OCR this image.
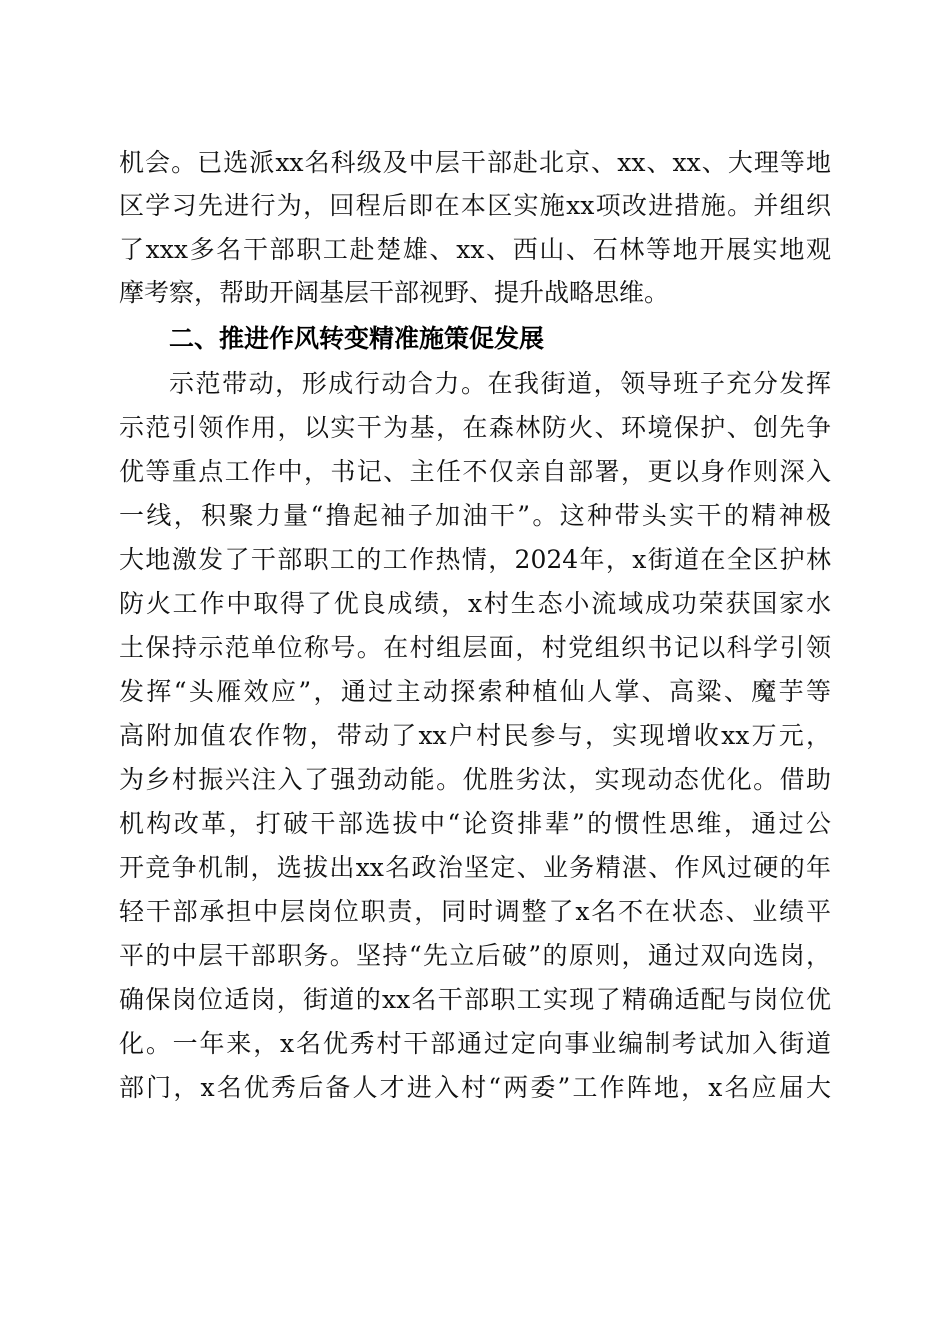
机会。已选派xx名科级及中层干部赴北京、xx、xx、大理等地
区学习先进行为，回程后即在本区实施xx项改进措施。并组织
了xxx多名干部职工赴楚雄、xx、西山、石林等地开展实地观
摩考察，帮助开阔基层干部视野、提升战略思维。
二、推进作风转变精准施策促发展
示范带动，形成行动合力。在我街道，领导班子充分发挥
示范引领作用，以实干为基，在森林防火、环境保护、创先争
优等重点工作中，书记、主任不仅亲自部署，更以身作则深入
一线，积聚力量“撸起袖子加油干”。这种带头实干的精神极
大地激发了干部职工的工作热情，2024年，x街道在全区护林
防火工作中取得了优良成绩，x村生态小流域成功荣获国家水
土保持示范单位称号。在村组层面，村党组织书记以科学引领
发挥“头雁效应”，通过主动探索种植仙人掌、高粱、魔芋等
高附加值农作物，带动了xx户村民参与，实现增收xx万元，
为乡村振兴注入了强劲动能。优胜劣汰，实现动态优化。借助
机构改革，打破干部选拔中“论资排辈”的惯性思维，通过公
开竞争机制，选拔出xx名政治坚定、业务精湛、作风过硬的年
轻干部承担中层岗位职责，同时调整了x名不在状态、业绩平
平的中层干部职务。坚持“先立后破”的原则，通过双向选岗，
确保岗位适岗，街道的xx名干部职工实现了精确适配与岗位优
化。一年来，x名优秀村干部通过定向事业编制考试加入街道
部门，x名优秀后备人才进入村“两委”工作阵地，x名应届大
